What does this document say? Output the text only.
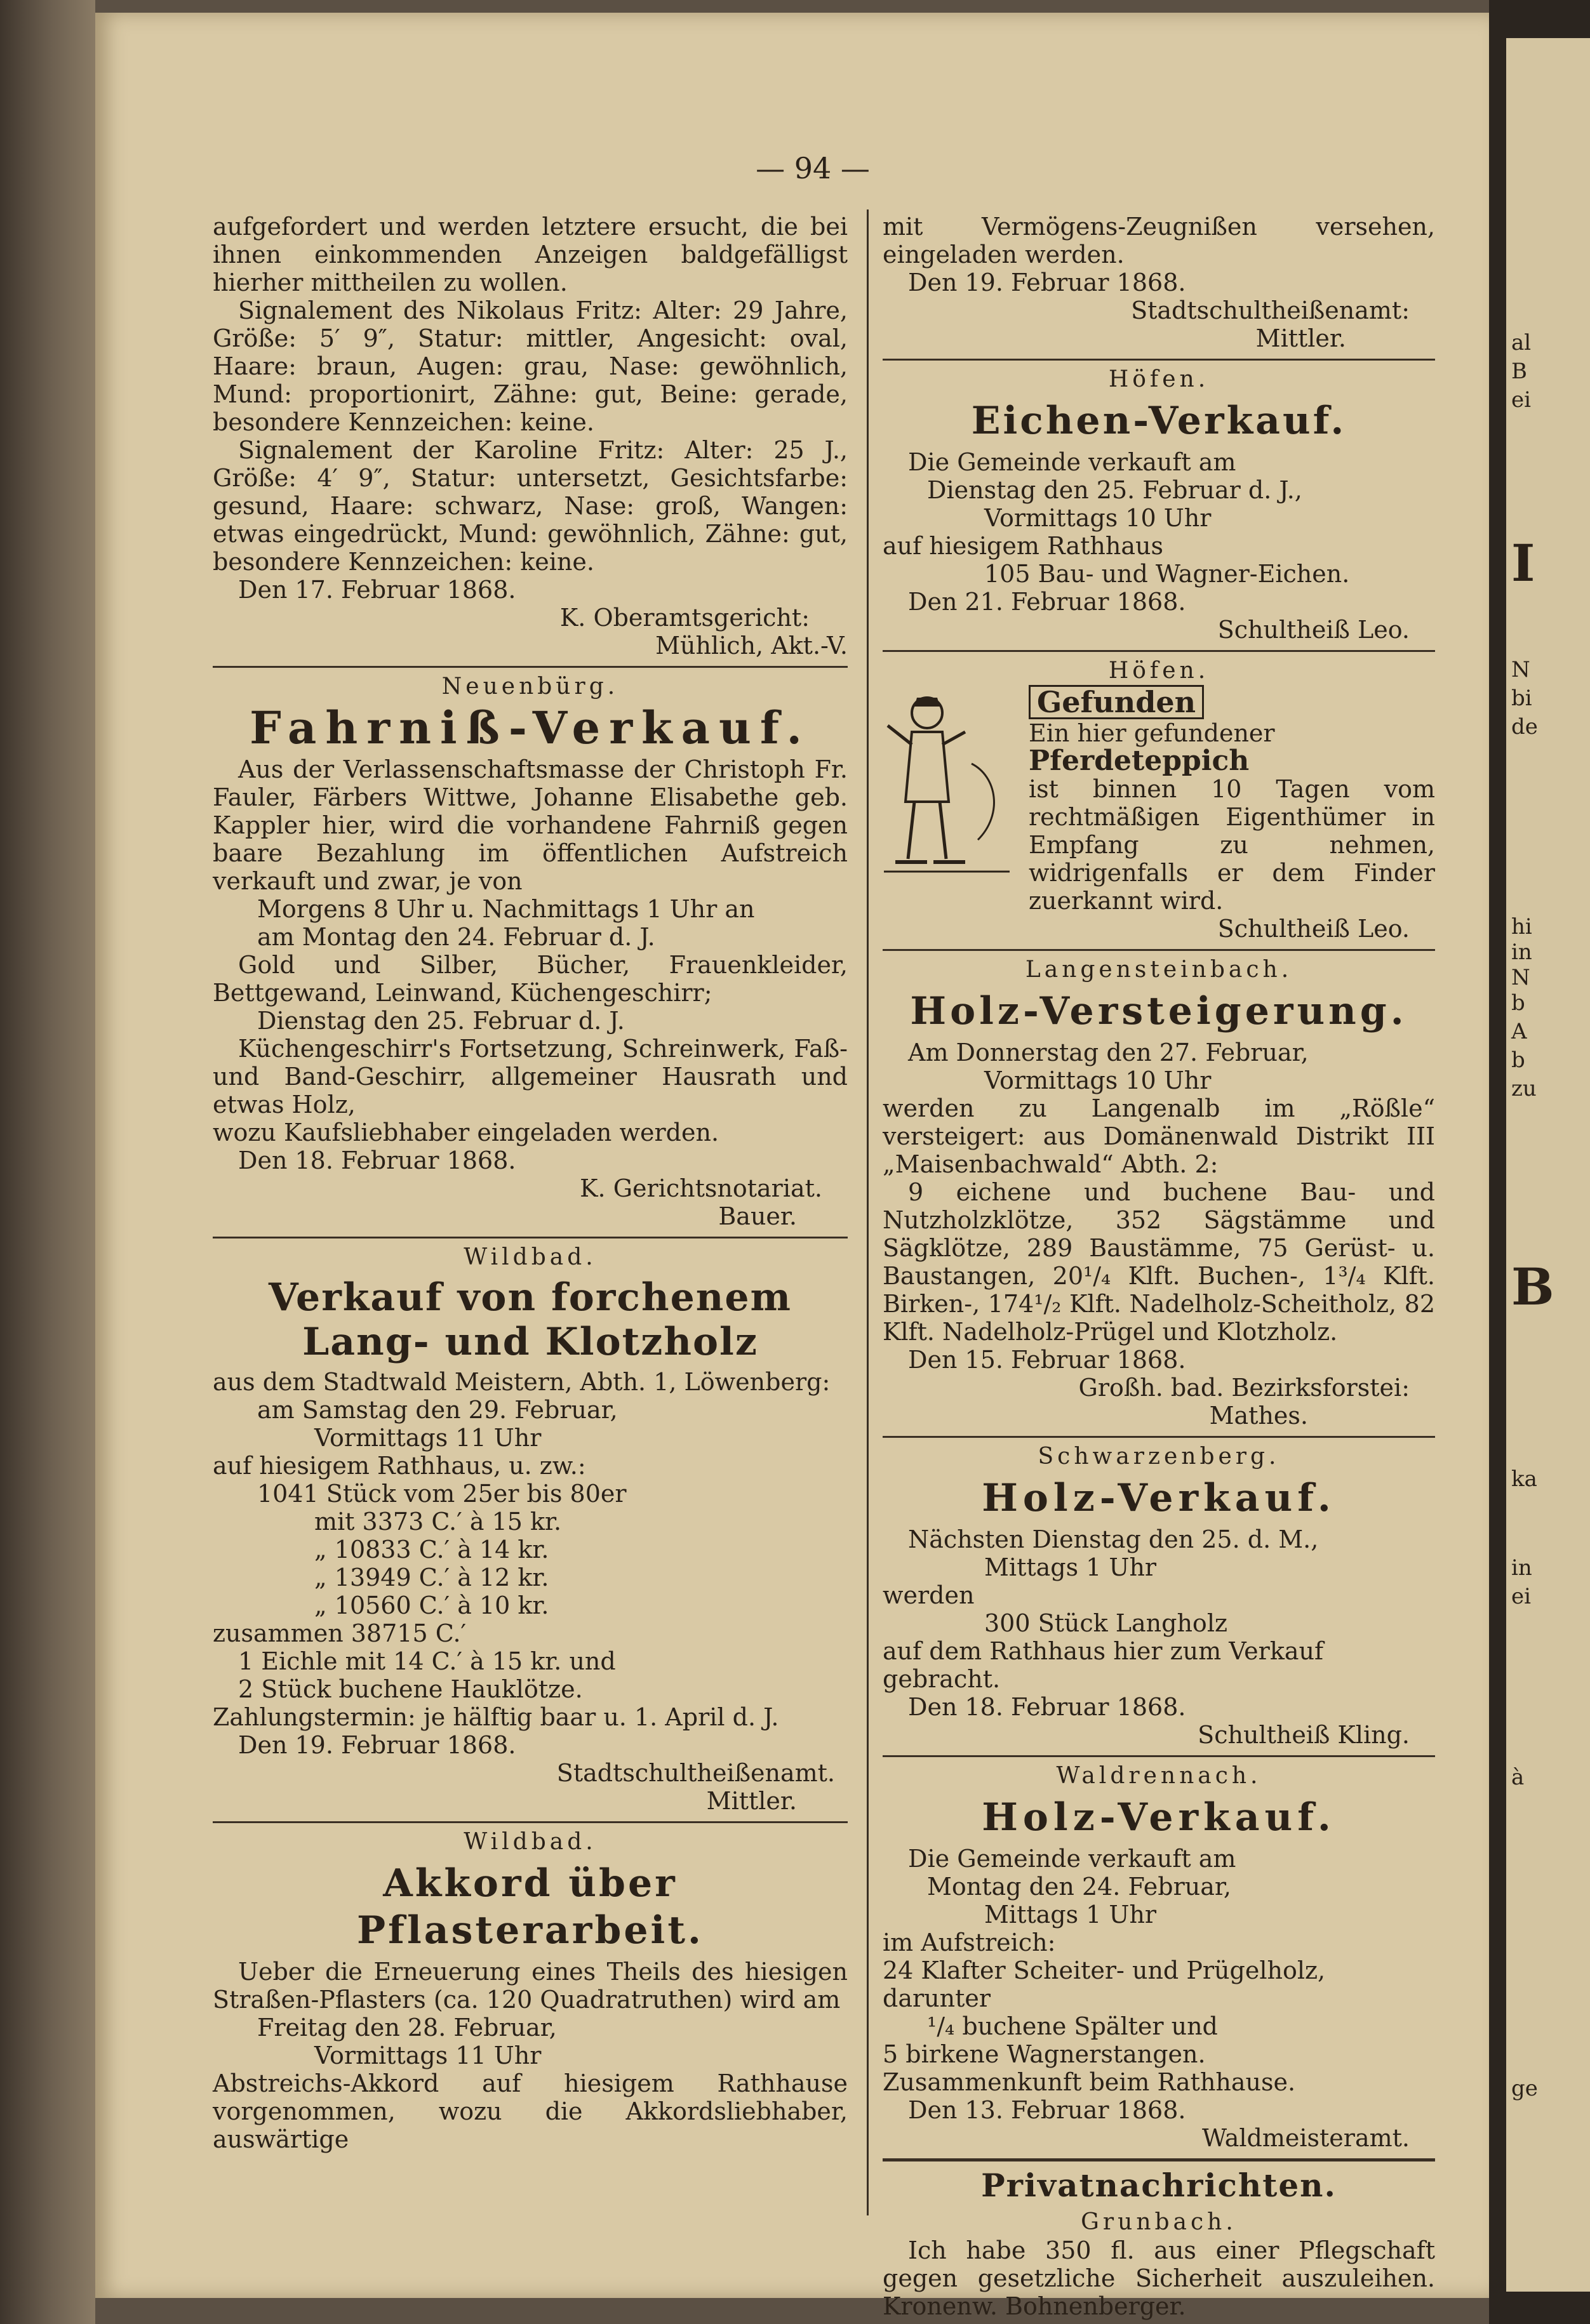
al
B
ei
I
N
bi
de
hi
in
N
b
A
b
zu
B
ka
in
ei
à
ge
— 94 —

aufgefordert und werden letztere ersucht, die bei ihnen einkommenden Anzeigen baldgefälligst hierher mittheilen zu wollen.

Signalement des Nikolaus Fritz: Alter: 29 Jahre, Größe: 5′ 9″, Statur: mittler, Angesicht: oval, Haare: braun, Augen: grau, Nase: gewöhnlich, Mund: proportionirt, Zähne: gut, Beine: gerade, besondere Kennzeichen: keine.

Signalement der Karoline Fritz: Alter: 25 J., Größe: 4′ 9″, Statur: untersetzt, Gesichtsfarbe: gesund, Haare: schwarz, Nase: groß, Wangen: etwas eingedrückt, Mund: gewöhnlich, Zähne: gut, besondere Kennzeichen: keine.

Den 17. Februar 1868.

K. Oberamtsgericht:

Mühlich, Akt.-V.

Neuenbürg.

Fahrniß-Verkauf.

Aus der Verlassenschaftsmasse der Christoph Fr. Fauler, Färbers Wittwe, Johanne Elisabethe geb. Kappler hier, wird die vorhandene Fahrniß gegen baare Bezahlung im öffentlichen Aufstreich verkauft und zwar, je von

Morgens 8 Uhr u. Nachmittags 1 Uhr an

am Montag den 24. Februar d. J.

Gold und Silber, Bücher, Frauenkleider, Bettgewand, Leinwand, Küchengeschirr;

Dienstag den 25. Februar d. J.

Küchengeschirr's Fortsetzung, Schreinwerk, Faß- und Band-Geschirr, allgemeiner Hausrath und etwas Holz,

wozu Kaufsliebhaber eingeladen werden.

Den 18. Februar 1868.

K. Gerichtsnotariat.

Bauer.

Wildbad.

Verkauf von forchenem Lang- und Klotzholz

aus dem Stadtwald Meistern, Abth. 1, Löwenberg:

am Samstag den 29. Februar,

Vormittags 11 Uhr

auf hiesigem Rathhaus, u. zw.:

1041 Stück vom 25er bis 80er

mit 3373 C.′ à 15 kr.

„ 10833 C.′ à 14 kr.

„ 13949 C.′ à 12 kr.

„ 10560 C.′ à 10 kr.

zusammen 38715 C.′

1 Eichle mit 14 C.′ à 15 kr. und

2 Stück buchene Hauklötze.

Zahlungstermin: je hälftig baar u. 1. April d. J.

Den 19. Februar 1868.

Stadtschultheißenamt.

Mittler.

Wildbad.

Akkord über Pflasterarbeit.

Ueber die Erneuerung eines Theils des hiesigen Straßen-Pflasters (ca. 120 Quadratruthen) wird am

Freitag den 28. Februar,

Vormittags 11 Uhr

Abstreichs-Akkord auf hiesigem Rathhause vorgenommen, wozu die Akkordsliebhaber, auswärtige

mit Vermögens-Zeugnißen versehen, eingeladen werden.

Den 19. Februar 1868.

Stadtschultheißenamt:

Mittler.

Höfen.

Eichen-Verkauf.

Die Gemeinde verkauft am

Dienstag den 25. Februar d. J.,

Vormittags 10 Uhr

auf hiesigem Rathhaus

105 Bau- und Wagner-Eichen.

Den 21. Februar 1868.

Schultheiß Leo.

Höfen.

Gefunden

Ein hier gefundener

Pferdeteppich

ist binnen 10 Tagen vom rechtmäßigen Eigenthümer in Empfang zu nehmen, widrigenfalls er dem Finder zuerkannt wird.

Schultheiß Leo.

Langensteinbach.

Holz-Versteigerung.

Am Donnerstag den 27. Februar,

Vormittags 10 Uhr

werden zu Langenalb im „Rößle“ versteigert: aus Domänenwald Distrikt III „Maisenbachwald“ Abth. 2:

9 eichene und buchene Bau- und Nutzholzklötze, 352 Sägstämme und Sägklötze, 289 Baustämme, 75 Gerüst- u. Baustangen, 20¹/₄ Klft. Buchen-, 1³/₄ Klft. Birken-, 174¹/₂ Klft. Nadelholz-Scheitholz, 82 Klft. Nadelholz-Prügel und Klotzholz.

Den 15. Februar 1868.

Großh. bad. Bezirksforstei:

Mathes.

Schwarzenberg.

Holz-Verkauf.

Nächsten Dienstag den 25. d. M.,

Mittags 1 Uhr

werden

300 Stück Langholz

auf dem Rathhaus hier zum Verkauf gebracht.

Den 18. Februar 1868.

Schultheiß Kling.

Waldrennach.

Holz-Verkauf.

Die Gemeinde verkauft am

Montag den 24. Februar,

Mittags 1 Uhr

im Aufstreich:

24 Klafter Scheiter- und Prügelholz, darunter

¹/₄ buchene Spälter und

5 birkene Wagnerstangen.

Zusammenkunft beim Rathhause.

Den 13. Februar 1868.

Waldmeisteramt.

Privatnachrichten.

Grunbach.

Ich habe 350 fl. aus einer Pflegschaft gegen gesetzliche Sicherheit auszuleihen. Kronenw. Bohnenberger.
